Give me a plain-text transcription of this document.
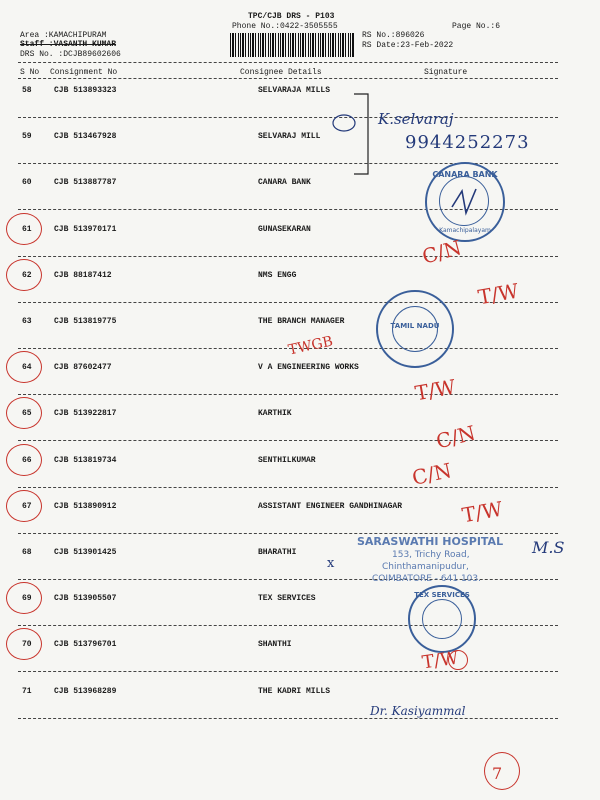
TPC/CJB DRS - P103
Phone No.:0422-3505555
Area :KAMACHIPURAM
Staff :VASANTH KUMAR
DRS No. :DCJB89602606
RS No.:896026
RS Date:23-Feb-2022
Page No.:6
S No Consignment No	Consignee Details	Signature
58	CJB 513893323	SELVARAJA MILLS
59	CJB 513467928	SELVARAJ MILL
60	CJB 513887787	CANARA BANK
61	CJB 513970171	GUNASEKARAN
62	CJB 88187412	NMS ENGG
63	CJB 513819775	THE BRANCH MANAGER
64	CJB 87602477	V A ENGINEERING WORKS
65	CJB 513922817	KARTHIK
66	CJB 513819734	SENTHILKUMAR
67	CJB 513890912	ASSISTANT ENGINEER GANDHINAGAR
68	CJB 513901425	BHARATHI
69	CJB 513905507	TEX SERVICES
70	CJB 513796701	SHANTHI
71	CJB 513968289	THE KADRI MILLS
K.selvaraj
9944252273
CANARA BANK
Kamachipalayam
TAMIL NADU
SARASWATHI HOSPITAL
153, Trichy Road,
Chinthamanipudur,
COIMBATORE - 641 103.
TEX SERVICES
C/N
T/W
TWGB
T/W
C/N
C/N
T/W
T/W
7
x
M.S
Dr. Kasiyammal
